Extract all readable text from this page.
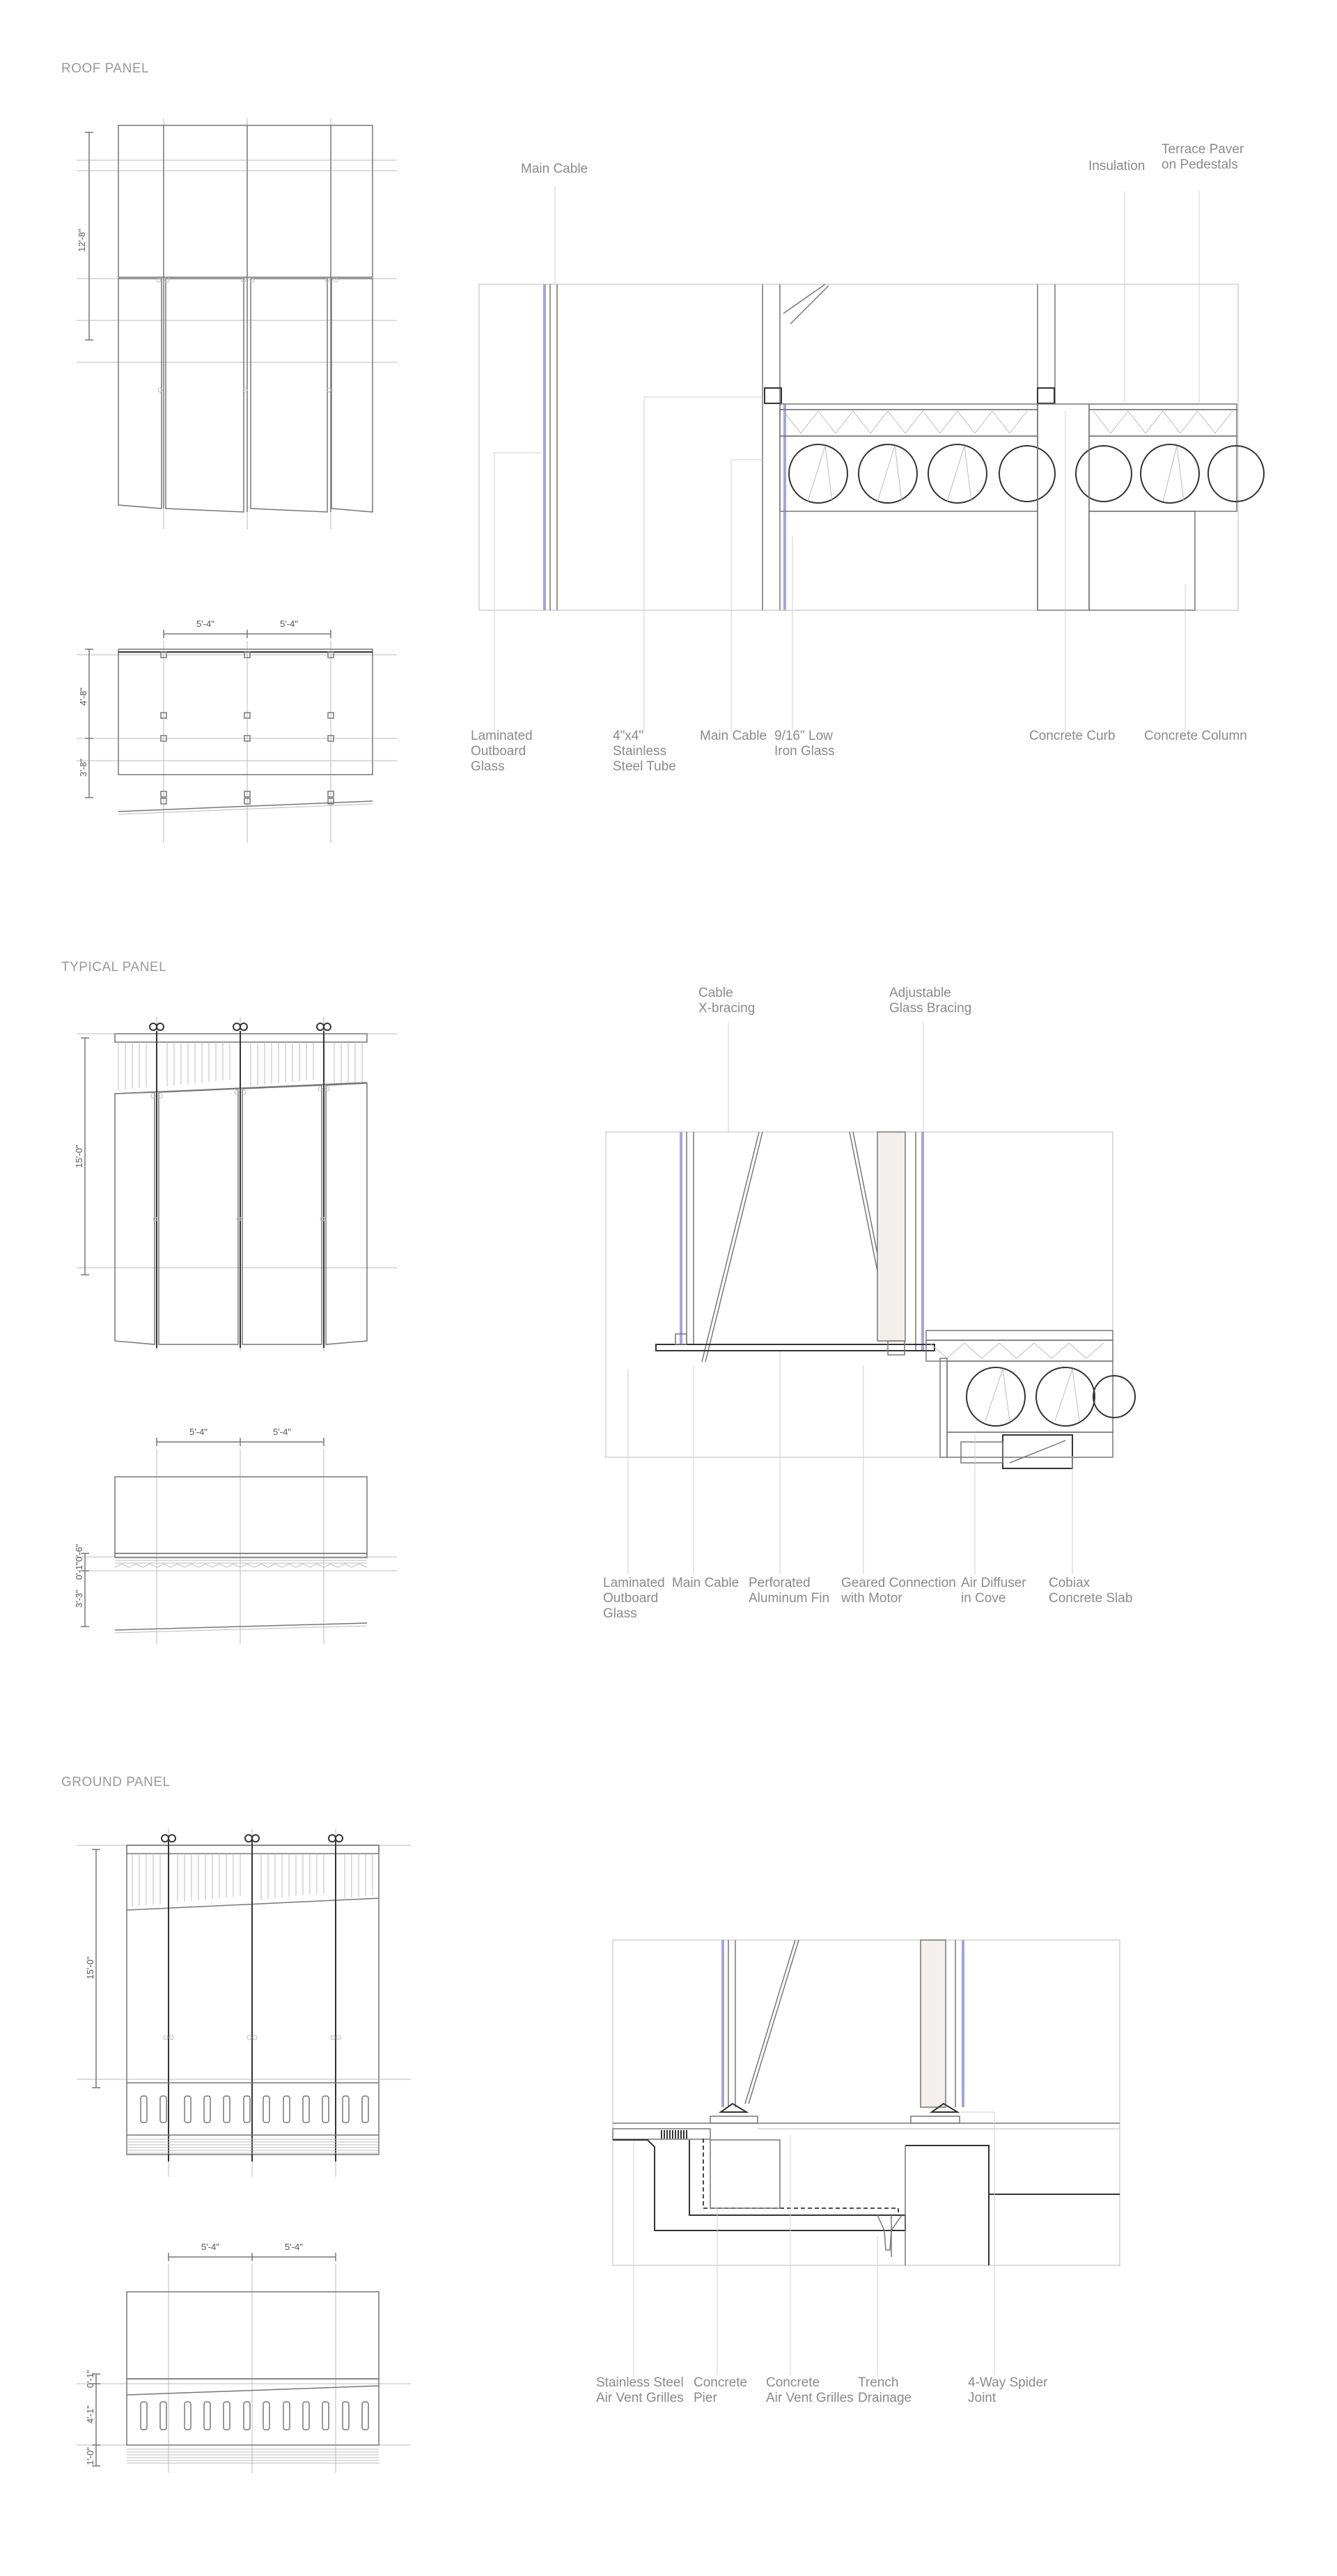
ROOF PANEL
12'-8"
5'-4"	5'-4"
4'-8"
3'-8"
Main Cable	Insulation
Terrace Paver
on Pedestals
Laminated
Outboard
Glass
4"x4"
Stainless
Steel Tube
Main Cable 9/16" Low
Iron Glass
Concrete Curb Concrete Column
TYPICAL PANEL
15'-0"
5'-4"	5'-4"
0'-1"0'-6"
3'-3"
Cable
X-bracing
Adjustable
Glass Bracing
Laminated
Outboard
Glass
Main Cable Perforated
Aluminum Fin
Geared Connection
with Motor
Air Diffuser
in Cove
Cobiax
Concrete Slab
GROUND PANEL
15'-0"
5'-4"	5'-4"
0'-1"
4'-1"
1'-0"
Stainless Steel
Air Vent Grilles
Concrete
Pier
Concrete
Air Vent Grilles
Trench
Drainage
4-Way Spider
Joint
